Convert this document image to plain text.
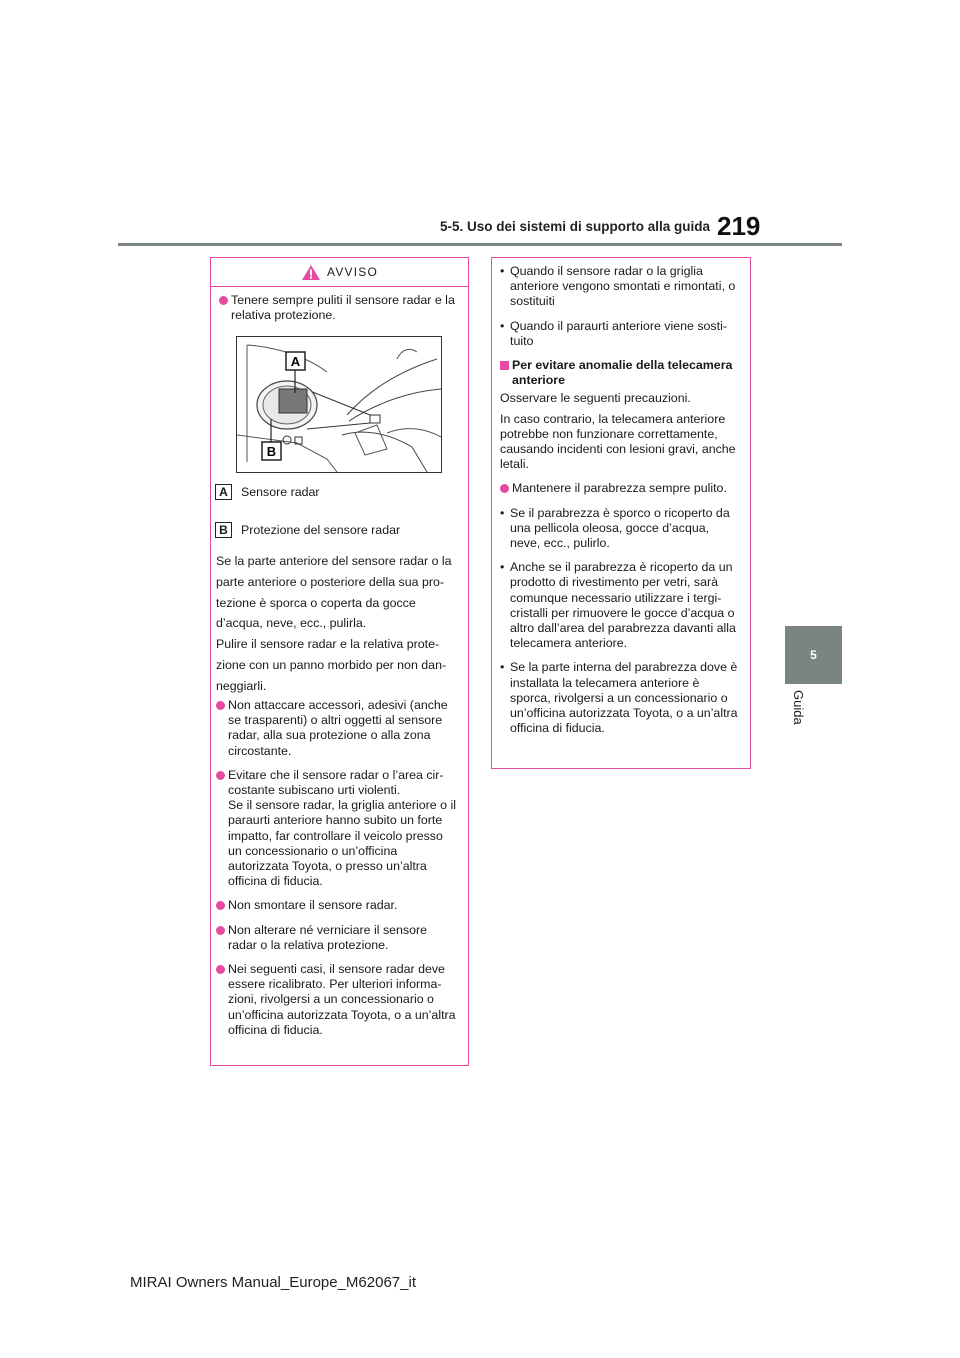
5-5. Uso dei sistemi di supporto alla guida 219
5
Guida
AVVISO

Tenere sempre puliti il sensore radar e la relativa protezione.

A
B
A	Sensore radar
B	Protezione del sensore radar

Se la parte anteriore del sensore radar o la

parte anteriore o posteriore della sua pro-

tezione è sporca o coperta da gocce

d’acqua, neve, ecc., pulirla.

Pulire il sensore radar e la relativa prote-

zione con un panno morbido per non dan-

neggiarli.

Non attaccare accessori, adesivi (anche se trasparenti) o altri oggetti al sensore radar, alla sua protezione o alla zona circostante.

Evitare che il sensore radar o l’area cir-costante subiscano urti violenti.

Se il sensore radar, la griglia anteriore o il paraurti anteriore hanno subito un forte impatto, far controllare il veicolo presso un concessionario o un’officina autorizzata Toyota, o presso un’altra officina di fiducia.

Non smontare il sensore radar.

Non alterare né verniciare il sensore radar o la relativa protezione.

Nei seguenti casi, il sensore radar deve essere ricalibrato. Per ulteriori informa-zioni, rivolgersi a un concessionario o un’officina autorizzata Toyota, o a un’altra officina di fiducia.

• Quando il sensore radar o la griglia anteriore vengono smontati e rimontati, o sostituiti

• Quando il paraurti anteriore viene sosti-tuito

Per evitare anomalie della telecamera anteriore

Osservare le seguenti precauzioni.

In caso contrario, la telecamera anteriore potrebbe non funzionare correttamente, causando incidenti con lesioni gravi, anche letali.

Mantenere il parabrezza sempre pulito.

• Se il parabrezza è sporco o ricoperto da una pellicola oleosa, gocce d’acqua, neve, ecc., pulirlo.

• Anche se il parabrezza è ricoperto da un prodotto di rivestimento per vetri, sarà comunque necessario utilizzare i tergi-cristalli per rimuovere le gocce d’acqua o altro dall’area del parabrezza davanti alla telecamera anteriore.

• Se la parte interna del parabrezza dove è installata la telecamera anteriore è sporca, rivolgersi a un concessionario o un’officina autorizzata Toyota, o a un’altra officina di fiducia.

MIRAI Owners Manual_Europe_M62067_it
